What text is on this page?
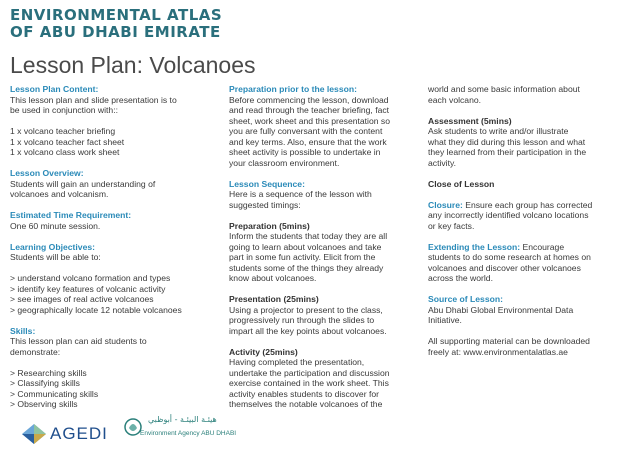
ENVIRONMENTAL ATLAS
OF ABU DHABI EMIRATE
Lesson Plan: Volcanoes
Lesson Plan Content:
This lesson plan and slide presentation is to
be used in conjunction with::
1 x volcano teacher briefing
1 x volcano teacher fact sheet
1 x volcano class work sheet
Lesson Overview:
Students will gain an understanding of
volcanoes and volcanism.
Estimated Time Requirement:
One 60 minute session.
Learning Objectives:
Students will be able to:
> understand volcano formation and types
> identify key features of volcanic activity
> see images of real active volcanoes
> geographically locate 12 notable volcanoes
Skills:
This lesson plan can aid students to
demonstrate:
> Researching skills
> Classifying skills
> Communicating skills
> Observing skills
Preparation prior to the lesson:
Before commencing the lesson, download
and read through the teacher briefing, fact
sheet, work sheet and this presentation so
you are fully conversant with the content
and key terms. Also, ensure that the work
sheet activity is possible to undertake in
your classroom environment.
Lesson Sequence:
Here is a sequence of the lesson with
suggested timings:
Preparation (5mins)
Inform the students that today they are all
going to learn about volcanoes and take
part in some fun activity. Elicit from the
students some of the things they already
know about volcanoes.
Presentation (25mins)
Using a projector to present to the class,
progressively run through the slides to
impart all the key points about volcanoes.
Activity (25mins)
Having completed the presentation,
undertake the participation and discussion
exercise contained in the work sheet. This
activity enables students to discover for
themselves the notable volcanoes of the
world and some basic information about
each volcano.
Assessment (5mins)
Ask students to write and/or illustrate
what they did during this lesson and what
they learned from their participation in the
activity.
Close of Lesson
Closure: Ensure each group has corrected
any incorrectly identified volcano locations
or key facts.
Extending the Lesson: Encourage
students to do some research at homes on
volcanoes and discover other volcanoes
across the world.
Source of Lesson:
Abu Dhabi Global Environmental Data
Initiative.
All supporting material can be downloaded
freely at: www.environmentalatlas.ae
AGEDI
هيئـة البيئـة - أبوظبي
Environment Agency ABU DHABI
